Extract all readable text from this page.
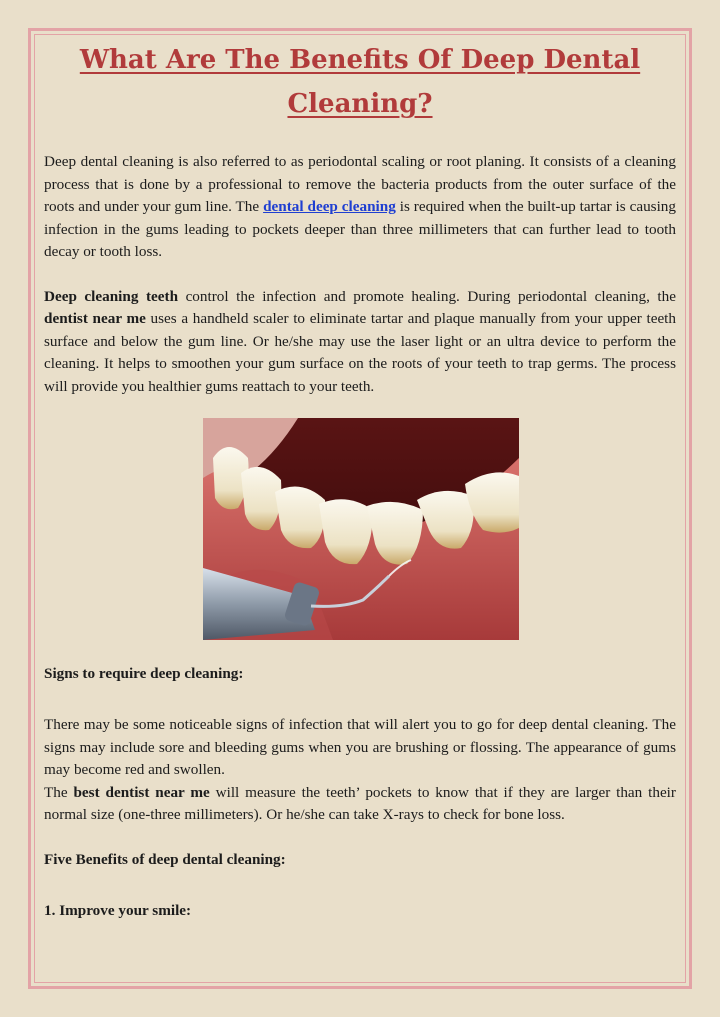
What Are The Benefits Of Deep Dental
Cleaning?

Deep dental cleaning is also referred to as periodontal scaling or root planing. It consists of a cleaning process that is done by a professional to remove the bacteria products from the outer surface of the roots and under your gum line. The dental deep cleaning is required when the built-up tartar is causing infection in the gums leading to pockets deeper than three millimeters that can further lead to tooth decay or tooth loss.

Deep cleaning teeth control the infection and promote healing. During periodontal cleaning, the dentist near me uses a handheld scaler to eliminate tartar and plaque manually from your upper teeth surface and below the gum line. Or he/she may use the laser light or an ultra device to perform the cleaning. It helps to smoothen your gum surface on the roots of your teeth to trap germs. The process will provide you healthier gums reattach to your teeth.

Signs to require deep cleaning:

There may be some noticeable signs of infection that will alert you to go for deep dental cleaning. The signs may include sore and bleeding gums when you are brushing or flossing. The appearance of gums may become red and swollen.
The best dentist near me will measure the teeth’ pockets to know that if they are larger than their normal size (one-three millimeters). Or he/she can take X-rays to check for bone loss.

Five Benefits of deep dental cleaning:
1. Improve your smile:
